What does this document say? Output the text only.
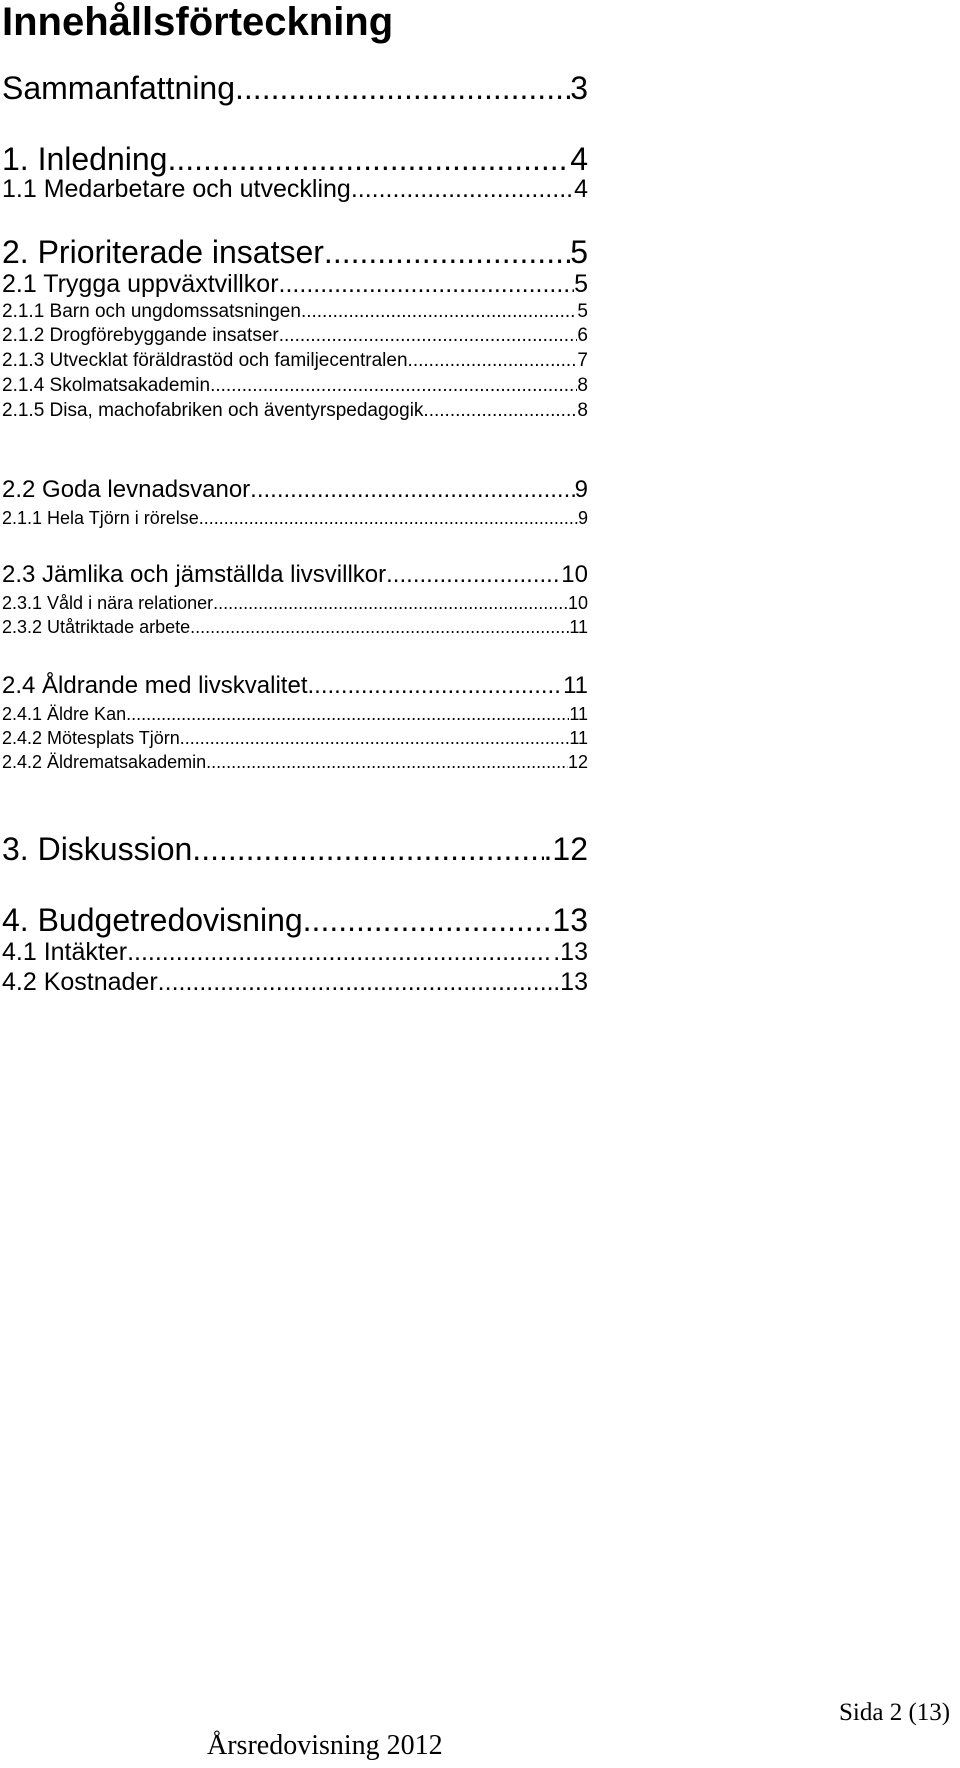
Innehållsförteckning
Sammanfattning .....	3
1. Inledning .....	4
1.1 Medarbetare och utveckling .....	4
2. Prioriterade insatser .....	5
2.1 Trygga uppväxtvillkor .....	5
2.1.1 Barn och ungdomssatsningen .....	5
2.1.2 Drogförebyggande insatser .....	6
2.1.3 Utvecklat föräldrastöd och familjecentralen .....	7
2.1.4 Skolmatsakademin .....	8
2.1.5 Disa, machofabriken och äventyrspedagogik .....	8
2.2 Goda levnadsvanor .....	9
2.1.1 Hela Tjörn i rörelse .....	9
2.3 Jämlika och jämställda livsvillkor .....	10
2.3.1 Våld i nära relationer .....	10
2.3.2 Utåtriktade arbete .....	11
2.4 Åldrande med livskvalitet .....	11
2.4.1 Äldre Kan. .....	11
2.4.2 Mötesplats Tjörn. .....	11
2.4.2 Äldrematsakademin. .....	12
3. Diskussion .....	.12
4. Budgetredovisning .....	13
4.1 Intäkter .....	.13
4.2 Kostnader .....	.13
Sida 2 (13)
Årsredovisning 2012
